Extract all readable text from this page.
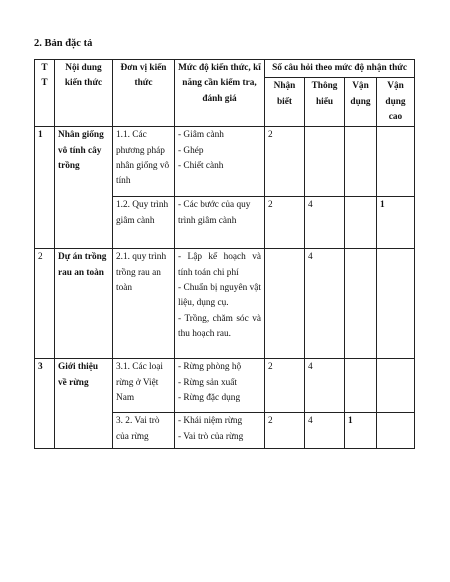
2. Bản đặc tả
T T	Nội dung kiến thức	Đơn vị kiến thức	Mức độ kiến thức, kĩ năng cần kiểm tra, đánh giá	Số câu hỏi theo mức độ nhận thức			
				Nhận biết	Thông hiểu	Vận dụng	Vận dụng cao
1	Nhân giống vô tính cây trồng	1.1. Các phương pháp nhân giống vô tính	- Giâm cành
- Ghép
- Chiết cành	2			
		1.2. Quy trình giâm cành	- Các bước của quy trình giâm cành	2	4		1
2	Dự án trồng rau an toàn	2.1. quy trình trồng rau an toàn	- Lập kế hoạch và tính toán chi phí
- Chuẩn bị nguyên vật liệu, dụng cụ.
- Trồng, chăm sóc và thu hoạch rau.		4		
3	Giới thiệu về rừng	3.1. Các loại rừng ở Việt Nam	- Rừng phòng hộ
- Rừng sản xuất
- Rừng đặc dụng	2	4		
		3. 2. Vai trò của rừng	- Khái niệm rừng
- Vai trò của rừng	2	4	1	
